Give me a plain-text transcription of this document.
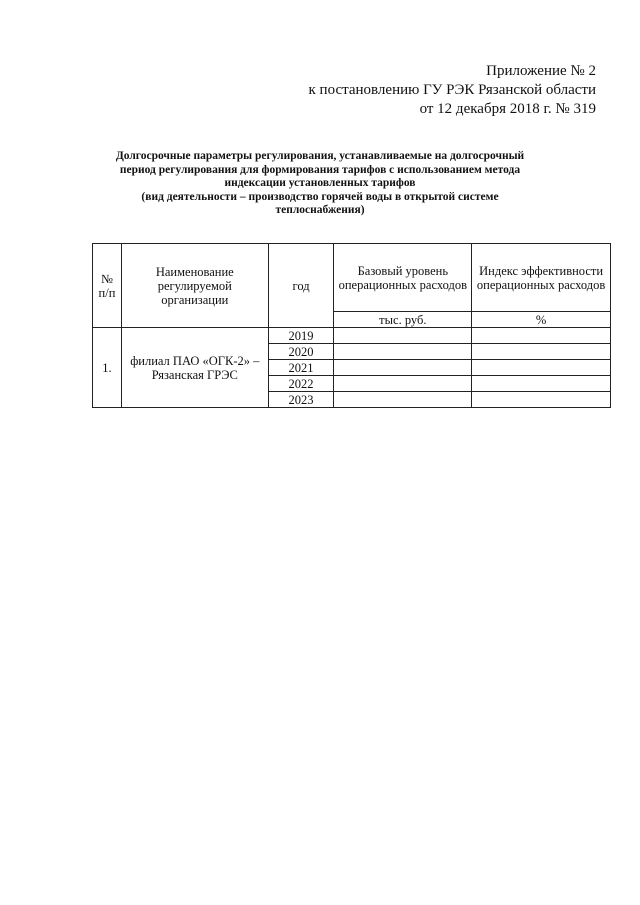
Приложение № 2
к постановлению ГУ РЭК Рязанской области
от 12 декабря 2018 г. № 319
Долгосрочные параметры регулирования, устанавливаемые на долгосрочный
период регулирования для формирования тарифов с использованием метода
индексации установленных тарифов
(вид деятельности – производство горячей воды в открытой системе
теплоснабжения)
№ п/п	Наименование регулируемой организации	год	Базовый уровень операционных расходов	Индекс эффективности операционных расходов
			тыс. руб.	%
1.	филиал ПАО «ОГК-2» – Рязанская ГРЭС	2019		
		2020		
		2021		
		2022		
		2023		
